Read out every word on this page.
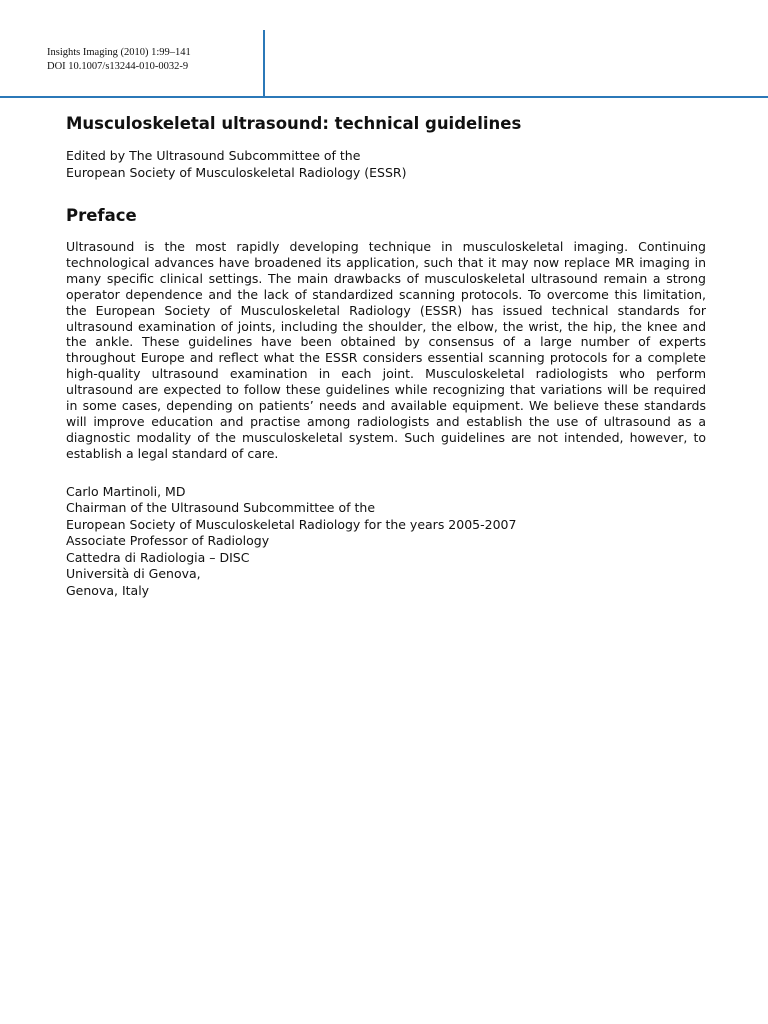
Insights Imaging (2010) 1:99–141
DOI 10.1007/s13244-010-0032-9
Musculoskeletal ultrasound: technical guidelines
Edited by The Ultrasound Subcommittee of the
European Society of Musculoskeletal Radiology (ESSR)
Preface

Ultrasound is the most rapidly developing technique in musculoskeletal imaging. Continuing technological advances have broadened its application, such that it may now replace MR imaging in many specific clinical settings. The main drawbacks of musculoskeletal ultrasound remain a strong operator dependence and the lack of standardized scanning protocols. To overcome this limitation, the European Society of Musculoskeletal Radiology (ESSR) has issued technical standards for ultrasound examination of joints, including the shoulder, the elbow, the wrist, the hip, the knee and the ankle. These guidelines have been obtained by consensus of a large number of experts throughout Europe and reflect what the ESSR considers essential scanning protocols for a complete high-quality ultrasound examination in each joint. Musculoskeletal radiologists who perform ultrasound are expected to follow these guidelines while recognizing that variations will be required in some cases, depending on patients’ needs and available equipment. We believe these standards will improve education and practise among radiologists and establish the use of ultrasound as a diagnostic modality of the musculoskeletal system. Such guidelines are not intended, however, to establish a legal standard of care.

Carlo Martinoli, MD
Chairman of the Ultrasound Subcommittee of the
European Society of Musculoskeletal Radiology for the years 2005-2007
Associate Professor of Radiology
Cattedra di Radiologia – DISC
Università di Genova,
Genova, Italy
